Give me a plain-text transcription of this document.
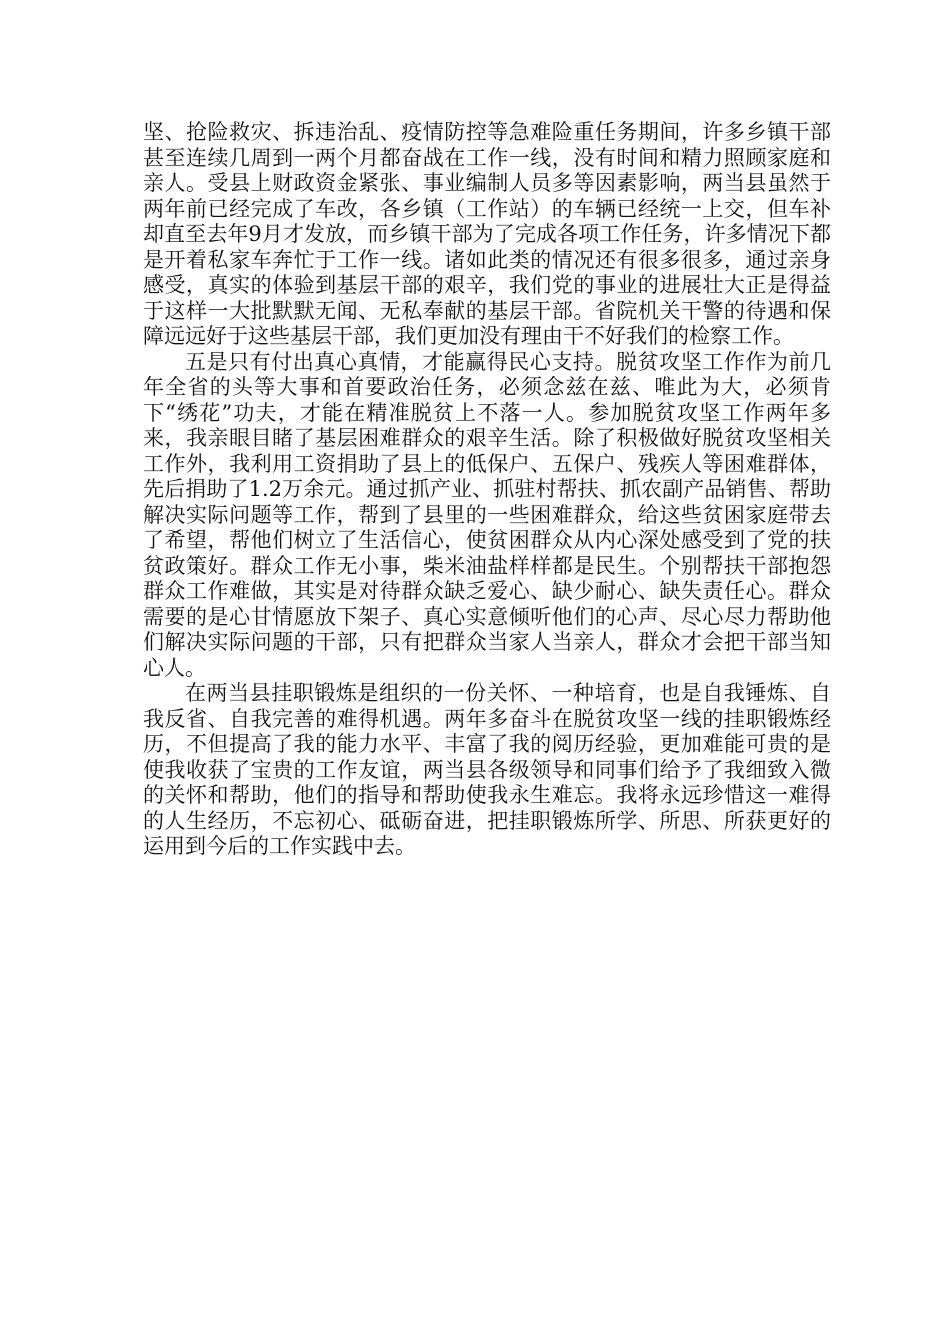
坚、抢险救灾、拆违治乱、疫情防控等急难险重任务期间，许多乡镇干部甚至连续几周到一两个月都奋战在工作一线，没有时间和精力照顾家庭和亲人。受县上财政资金紧张、事业编制人员多等因素影响，两当县虽然于两年前已经完成了车改，各乡镇（工作站）的车辆已经统一上交，但车补却直至去年9月才发放，而乡镇干部为了完成各项工作任务，许多情况下都是开着私家车奔忙于工作一线。诸如此类的情况还有很多很多，通过亲身感受，真实的体验到基层干部的艰辛，我们党的事业的进展壮大正是得益于这样一大批默默无闻、无私奉献的基层干部。省院机关干警的待遇和保障远远好于这些基层干部，我们更加没有理由干不好我们的检察工作。

五是只有付出真心真情，才能赢得民心支持。脱贫攻坚工作作为前几年全省的头等大事和首要政治任务，必须念兹在兹、唯此为大，必须肯下“绣花”功夫，才能在精准脱贫上不落一人。参加脱贫攻坚工作两年多来，我亲眼目睹了基层困难群众的艰辛生活。除了积极做好脱贫攻坚相关工作外，我利用工资捐助了县上的低保户、五保户、残疾人等困难群体，先后捐助了1.2万余元。通过抓产业、抓驻村帮扶、抓农副产品销售、帮助解决实际问题等工作，帮到了县里的一些困难群众，给这些贫困家庭带去了希望，帮他们树立了生活信心，使贫困群众从内心深处感受到了党的扶贫政策好。群众工作无小事，柴米油盐样样都是民生。个别帮扶干部抱怨群众工作难做，其实是对待群众缺乏爱心、缺少耐心、缺失责任心。群众需要的是心甘情愿放下架子、真心实意倾听他们的心声、尽心尽力帮助他们解决实际问题的干部，只有把群众当家人当亲人，群众才会把干部当知心人。

在两当县挂职锻炼是组织的一份关怀、一种培育，也是自我锤炼、自我反省、自我完善的难得机遇。两年多奋斗在脱贫攻坚一线的挂职锻炼经历，不但提高了我的能力水平、丰富了我的阅历经验，更加难能可贵的是使我收获了宝贵的工作友谊，两当县各级领导和同事们给予了我细致入微的关怀和帮助，他们的指导和帮助使我永生难忘。我将永远珍惜这一难得的人生经历，不忘初心、砥砺奋进，把挂职锻炼所学、所思、所获更好的运用到今后的工作实践中去。
